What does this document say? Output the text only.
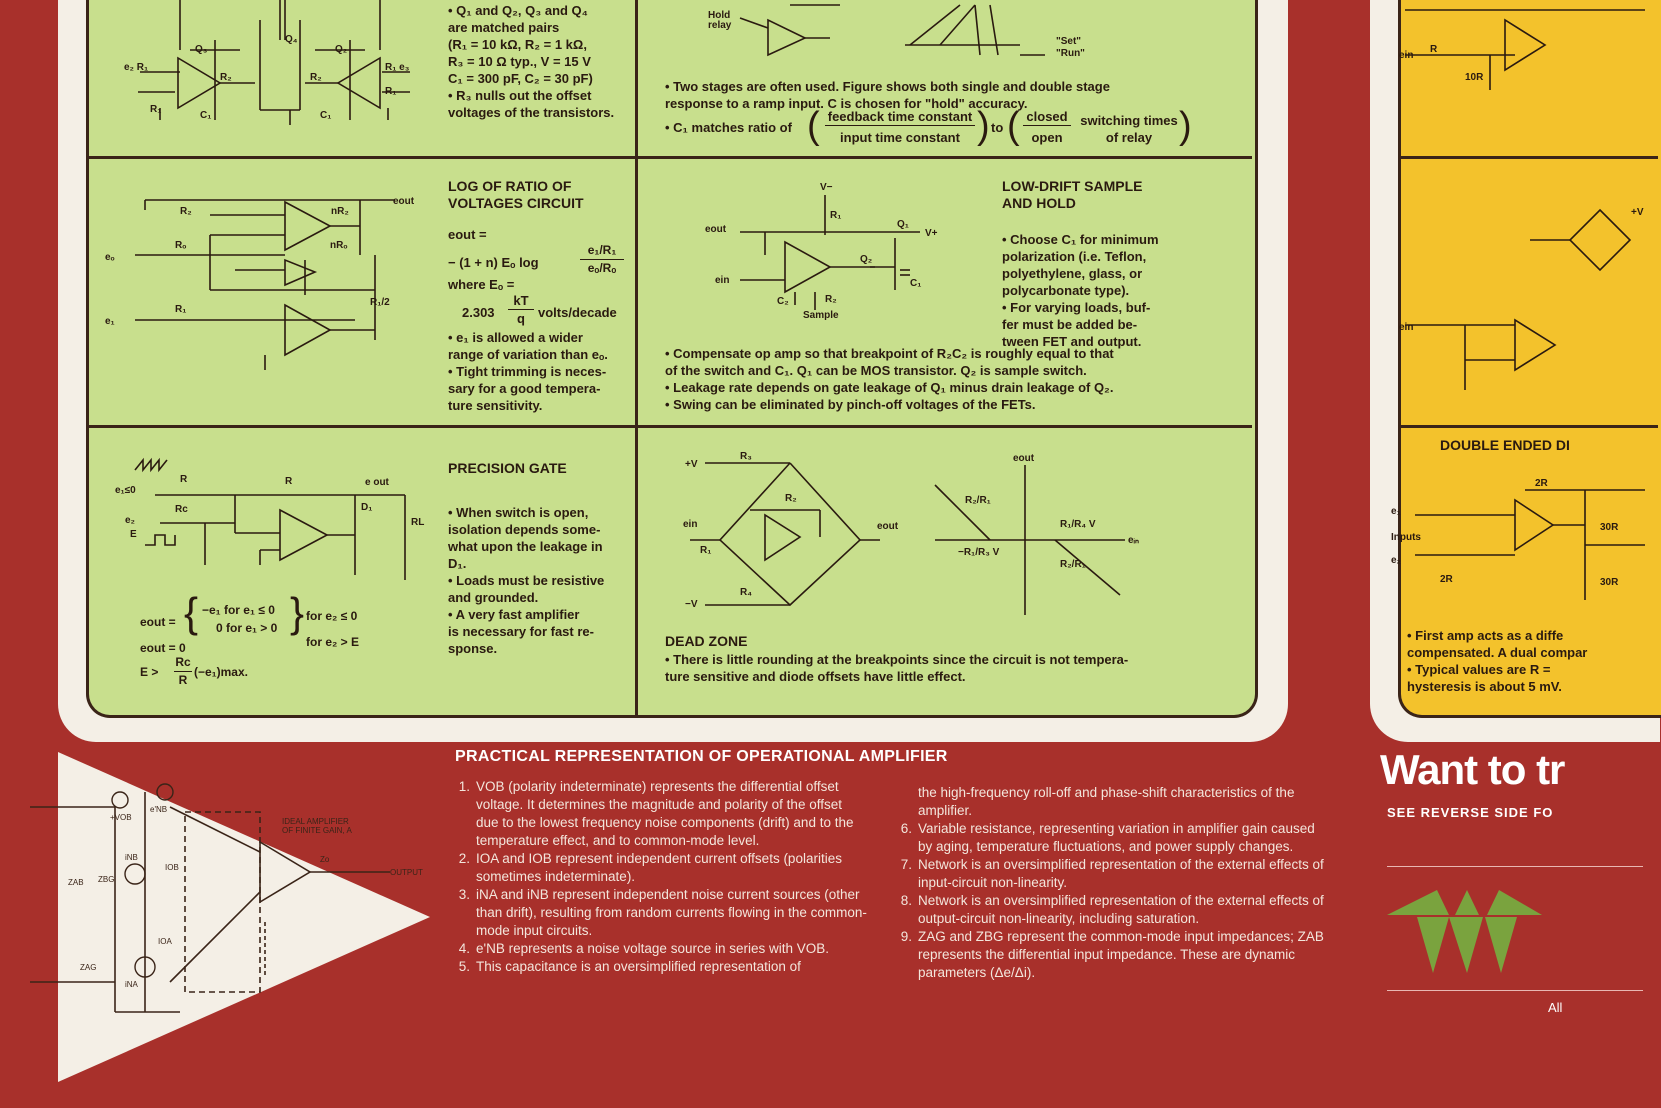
e₂ R₁
Q₃
Q₄
Q₂
R₂	R₂
R₁ e₃
R₁
C₁	C₁
R₁
• Q₁ and Q₂, Q₃ and Q₄
are matched pairs
(R₁ = 10 kΩ, R₂ = 1 kΩ,
R₃ = 10 Ω typ., V = 15 V
C₁ = 300 pF, C₂ = 30 pF)
• R₃ nulls out the offset
voltages of the transistors.
Hold
relay
"Set"
"Run"
• Two stages are often used. Figure shows both single and double stage
response to a ramp input. C is chosen for "hold" accuracy.
• C₁ matches ratio of ( feedback time constant
input time constant ) to ( closed
open
switching times
of relay )
R₂	nR₂
Rₒ	nRₒ
R₁
R₁/2
eₒ
e₁
eout
LOG OF RATIO OF
VOLTAGES CIRCUIT
eout =
− (1 + n) Eₒ log
e₁/R₁
eₒ/Rₒ
where Eₒ =
2.303
kT
q	volts/decade
• e₁ is allowed a wider
range of variation than eₒ.
• Tight trimming is neces-
sary for a good tempera-
ture sensitivity.
V−
R₁
Q₁
V+
eout
ein
Q₂
C₂	R₂
C₁
Sample
LOW-DRIFT SAMPLE
AND HOLD
• Choose C₁ for minimum
polarization (i.e. Teflon,
polyethylene, glass, or
polycarbonate type).
• For varying loads, buf-
fer must be added be-
tween FET and output.
• Compensate op amp so that breakpoint of R₂C₂ is roughly equal to that
of the switch and C₁. Q₁ can be MOS transistor. Q₂ is sample switch.
• Leakage rate depends on gate leakage of Q₁ minus drain leakage of Q₂.
• Swing can be eliminated by pinch-off voltages of the FETs.
e₁≤0
R	R
Rc
e₂
E
D₁
RL
e out
PRECISION GATE
• When switch is open,
isolation depends some-
what upon the leakage in
D₁.
• Loads must be resistive
and grounded.
• A very fast amplifier
is necessary for fast re-
sponse.
eout = { −e₁ for e₁ ≤ 0
0 for e₁ > 0 } for e₂ ≤ 0
eout = 0	for e₂ > E
E >
Rc
R
(−e₁)max.
R₃
+V
R₂
ein	eout
R₁
R₄
−V
eout
R₂/R₁
R₁/R₄ V
−R₁/R₃ V
eᵢₙ
R₂/R₁
DEAD ZONE
• There is little rounding at the breakpoints since the circuit is not tempera-
ture sensitive and diode offsets have little effect.
R
ein
10R
ein
+V
DOUBLE ENDED DI
e₁
Inputs
e₂
2R
2R
30R
30R
• First amp acts as a diffe
compensated. A dual compar
• Typical values are R =
hysteresis is about 5 mV.
IDEAL AMPLIFIER
OF FINITE GAIN, A
OUTPUT
ZAB ZBG
ZAG
+VOB
e'NB
iNB
iNA
IOA
IOB
Zo
PRACTICAL REPRESENTATION OF OPERATIONAL AMPLIFIER
1. VOB (polarity indeterminate) represents the differential offset voltage. It determines the magnitude and polarity of the offset due to the lowest frequency noise components (drift) and to the temperature effect, and to common-mode level.
2. IOA and IOB represent independent current offsets (polarities sometimes indeterminate).
3. iNA and iNB represent independent noise current sources (other than drift), resulting from random currents flowing in the common-mode input circuits.
4. e'NB represents a noise voltage source in series with VOB.
5. This capacitance is an oversimplified representation of
the high-frequency roll-off and phase-shift characteristics of the amplifier.
6. Variable resistance, representing variation in amplifier gain caused by aging, temperature fluctuations, and power supply changes.
7. Network is an oversimplified representation of the external effects of input-circuit non-linearity.
8. Network is an oversimplified representation of the external effects of output-circuit non-linearity, including saturation.
9. ZAG and ZBG represent the common-mode input impedances; ZAB represents the differential input impedance. These are dynamic parameters (Δe/Δi).
Want to tr
SEE REVERSE SIDE FO
All
